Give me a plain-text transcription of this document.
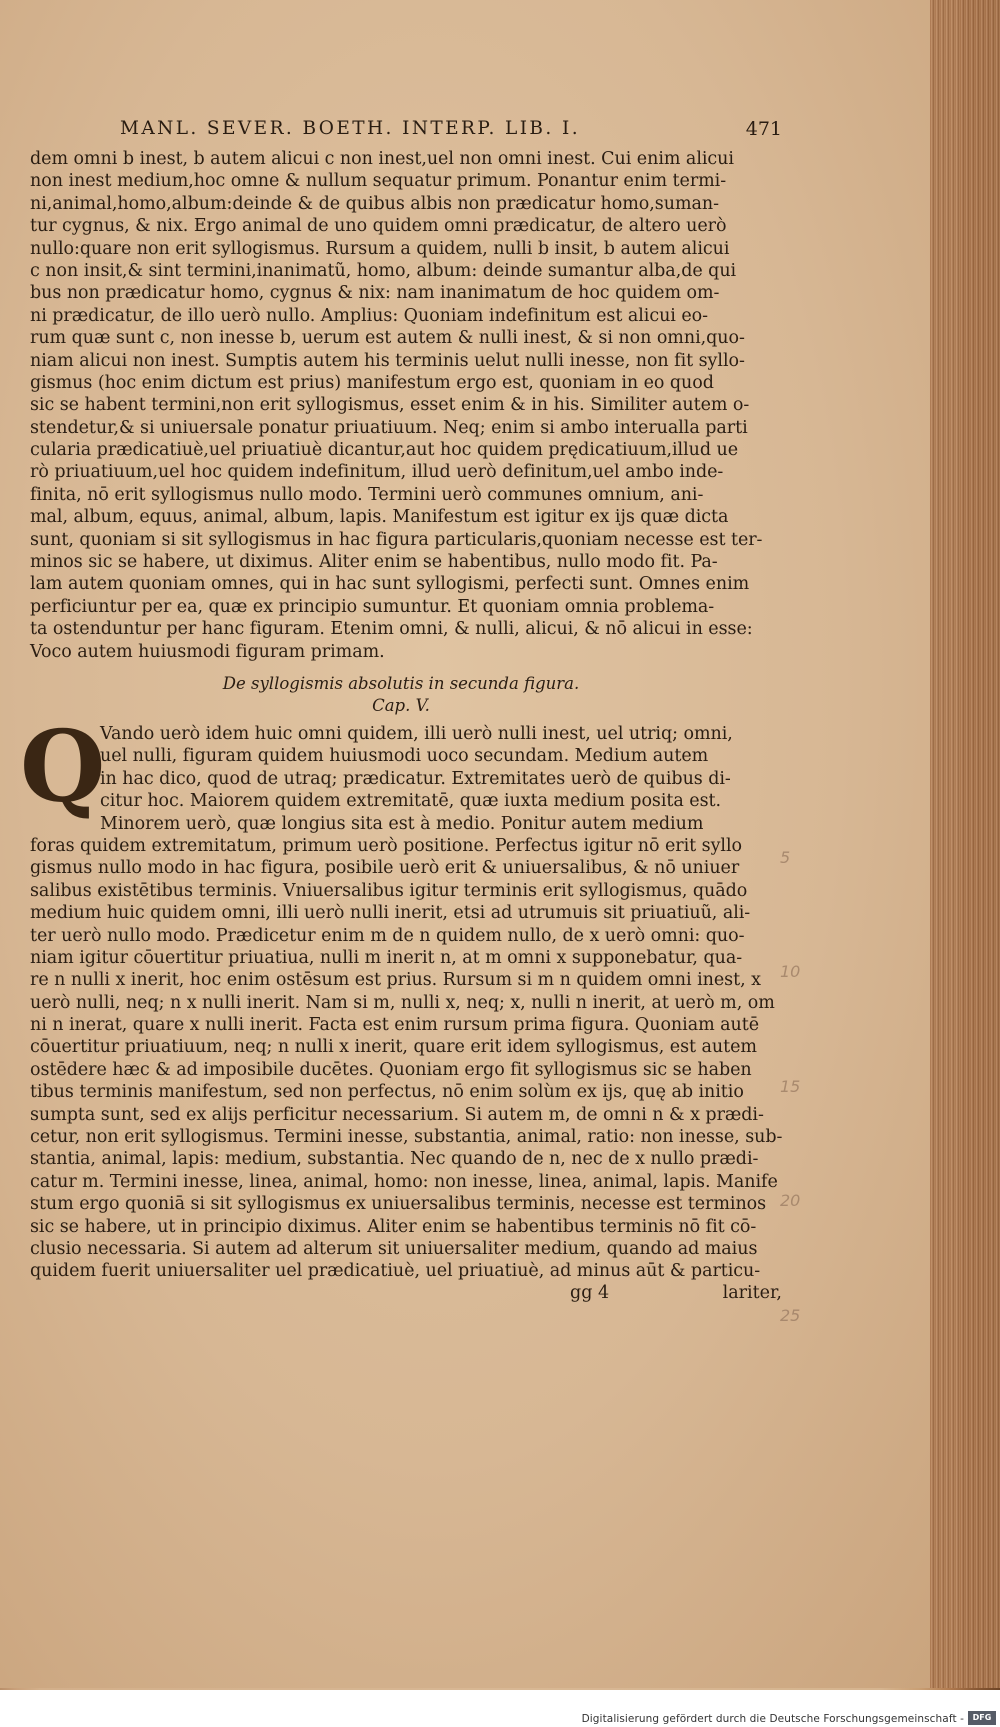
MANL. SEVER. BOETH. INTERP. LIB. I.	471
dem omni b inest, b autem alicui c non inest,uel non omni inest. Cui enim alicui
non inest medium,hoc omne & nullum sequatur primum. Ponantur enim termi-
ni,animal,homo,album:deinde & de quibus albis non prædicatur homo,suman-
tur cygnus, & nix. Ergo animal de uno quidem omni prædicatur, de altero uerò
nullo:quare non erit syllogismus. Rursum a quidem, nulli b insit, b autem alicui
c non insit,& sint termini,inanimatũ, homo, album: deinde sumantur alba,de qui
bus non prædicatur homo, cygnus & nix: nam inanimatum de hoc quidem om-
ni prædicatur, de illo uerò nullo. Amplius: Quoniam indefinitum est alicui eo-
rum quæ sunt c, non inesse b, uerum est autem & nulli inest, & si non omni,quo-
niam alicui non inest. Sumptis autem his terminis uelut nulli inesse, non fit syllo-
gismus (hoc enim dictum est prius) manifestum ergo est, quoniam in eo quod
sic se habent termini,non erit syllogismus, esset enim & in his. Similiter autem o-
stendetur,& si uniuersale ponatur priuatiuum. Neq; enim si ambo interualla parti
cularia prædicatiuè,uel priuatiuè dicantur,aut hoc quidem prędicatiuum,illud ue
rò priuatiuum,uel hoc quidem indefinitum, illud uerò definitum,uel ambo inde-
finita, nō erit syllogismus nullo modo. Termini uerò communes omnium, ani-
mal, album, equus, animal, album, lapis. Manifestum est igitur ex ijs quæ dicta
sunt, quoniam si sit syllogismus in hac figura particularis,quoniam necesse est ter-
minos sic se habere, ut diximus. Aliter enim se habentibus, nullo modo fit. Pa-
lam autem quoniam omnes, qui in hac sunt syllogismi, perfecti sunt. Omnes enim
perficiuntur per ea, quæ ex principio sumuntur. Et quoniam omnia problema-
ta ostenduntur per hanc figuram. Etenim omni, & nulli, alicui, & nō alicui in esse:
Voco autem huiusmodi figuram primam.
De syllogismis absolutis in secunda figura.
Cap. V.
Q
Vando uerò idem huic omni quidem, illi uerò nulli inest, uel utriq; omni,
uel nulli, figuram quidem huiusmodi uoco secundam. Medium autem
in hac dico, quod de utraq; prædicatur. Extremitates uerò de quibus di-
citur hoc. Maiorem quidem extremitatē, quæ iuxta medium posita est.
Minorem uerò, quæ longius sita est à medio. Ponitur autem medium
foras quidem extremitatum, primum uerò positione. Perfectus igitur nō erit syllo
gismus nullo modo in hac figura, posibile uerò erit & uniuersalibus, & nō uniuer
salibus existētibus terminis. Vniuersalibus igitur terminis erit syllogismus, quādo
medium huic quidem omni, illi uerò nulli inerit, etsi ad utrumuis sit priuatiuũ, ali-
ter uerò nullo modo. Prædicetur enim m de n quidem nullo, de x uerò omni: quo-
niam igitur cōuertitur priuatiua, nulli m inerit n, at m omni x supponebatur, qua-
re n nulli x inerit, hoc enim ostēsum est prius. Rursum si m n quidem omni inest, x
uerò nulli, neq; n x nulli inerit. Nam si m, nulli x, neq; x, nulli n inerit, at uerò m, om
ni n inerat, quare x nulli inerit. Facta est enim rursum prima figura. Quoniam autē
cōuertitur priuatiuum, neq; n nulli x inerit, quare erit idem syllogismus, est autem
ostēdere hæc & ad imposibile ducētes. Quoniam ergo fit syllogismus sic se haben
tibus terminis manifestum, sed non perfectus, nō enim solùm ex ijs, quę ab initio
sumpta sunt, sed ex alijs perficitur necessarium. Si autem m, de omni n & x prædi-
cetur, non erit syllogismus. Termini inesse, substantia, animal, ratio: non inesse, sub-
stantia, animal, lapis: medium, substantia. Nec quando de n, nec de x nullo prædi-
catur m. Termini inesse, linea, animal, homo: non inesse, linea, animal, lapis. Manife
stum ergo quoniā si sit syllogismus ex uniuersalibus terminis, necesse est terminos
sic se habere, ut in principio diximus. Aliter enim se habentibus terminis nō fit cō-
clusio necessaria. Si autem ad alterum sit uniuersaliter medium, quando ad maius
quidem fuerit uniuersaliter uel prædicatiuè, uel priuatiuè, ad minus aūt & particu-
gg 4	lariter,
5
10
15
20
25
Digitalisierung gefördert durch die Deutsche Forschungsgemeinschaft -	DFG
